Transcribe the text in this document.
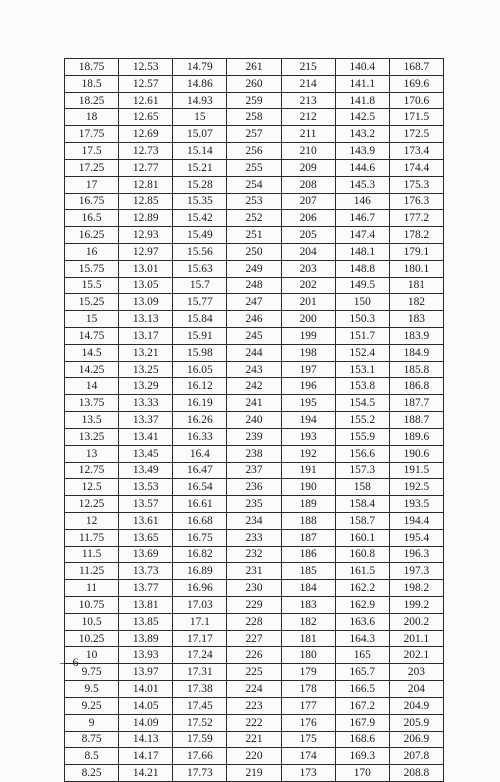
18.75	12.53	14.79	261	215	140.4	168.7
18.5	12.57	14.86	260	214	141.1	169.6
18.25	12.61	14.93	259	213	141.8	170.6
18	12.65	15	258	212	142.5	171.5
17.75	12.69	15.07	257	211	143.2	172.5
17.5	12.73	15.14	256	210	143.9	173.4
17.25	12.77	15.21	255	209	144.6	174.4
17	12.81	15.28	254	208	145.3	175.3
16.75	12.85	15.35	253	207	146	176.3
16.5	12.89	15.42	252	206	146.7	177.2
16.25	12.93	15.49	251	205	147.4	178.2
16	12.97	15.56	250	204	148.1	179.1
15.75	13.01	15.63	249	203	148.8	180.1
15.5	13.05	15.7	248	202	149.5	181
15.25	13.09	15.77	247	201	150	182
15	13.13	15.84	246	200	150.3	183
14.75	13.17	15.91	245	199	151.7	183.9
14.5	13.21	15.98	244	198	152.4	184.9
14.25	13.25	16.05	243	197	153.1	185.8
14	13.29	16.12	242	196	153.8	186.8
13.75	13.33	16.19	241	195	154.5	187.7
13.5	13.37	16.26	240	194	155.2	188.7
13.25	13.41	16.33	239	193	155.9	189.6
13	13.45	16.4	238	192	156.6	190.6
12.75	13.49	16.47	237	191	157.3	191.5
12.5	13.53	16.54	236	190	158	192.5
12.25	13.57	16.61	235	189	158.4	193.5
12	13.61	16.68	234	188	158.7	194.4
11.75	13.65	16.75	233	187	160.1	195.4
11.5	13.69	16.82	232	186	160.8	196.3
11.25	13.73	16.89	231	185	161.5	197.3
11	13.77	16.96	230	184	162.2	198.2
10.75	13.81	17.03	229	183	162.9	199.2
10.5	13.85	17.1	228	182	163.6	200.2
10.25	13.89	17.17	227	181	164.3	201.1
10	13.93	17.24	226	180	165	202.1
9.75	13.97	17.31	225	179	165.7	203
9.5	14.01	17.38	224	178	166.5	204
9.25	14.05	17.45	223	177	167.2	204.9
9	14.09	17.52	222	176	167.9	205.9
8.75	14.13	17.59	221	175	168.6	206.9
8.5	14.17	17.66	220	174	169.3	207.8
8.25	14.21	17.73	219	173	170	208.8
—6—
